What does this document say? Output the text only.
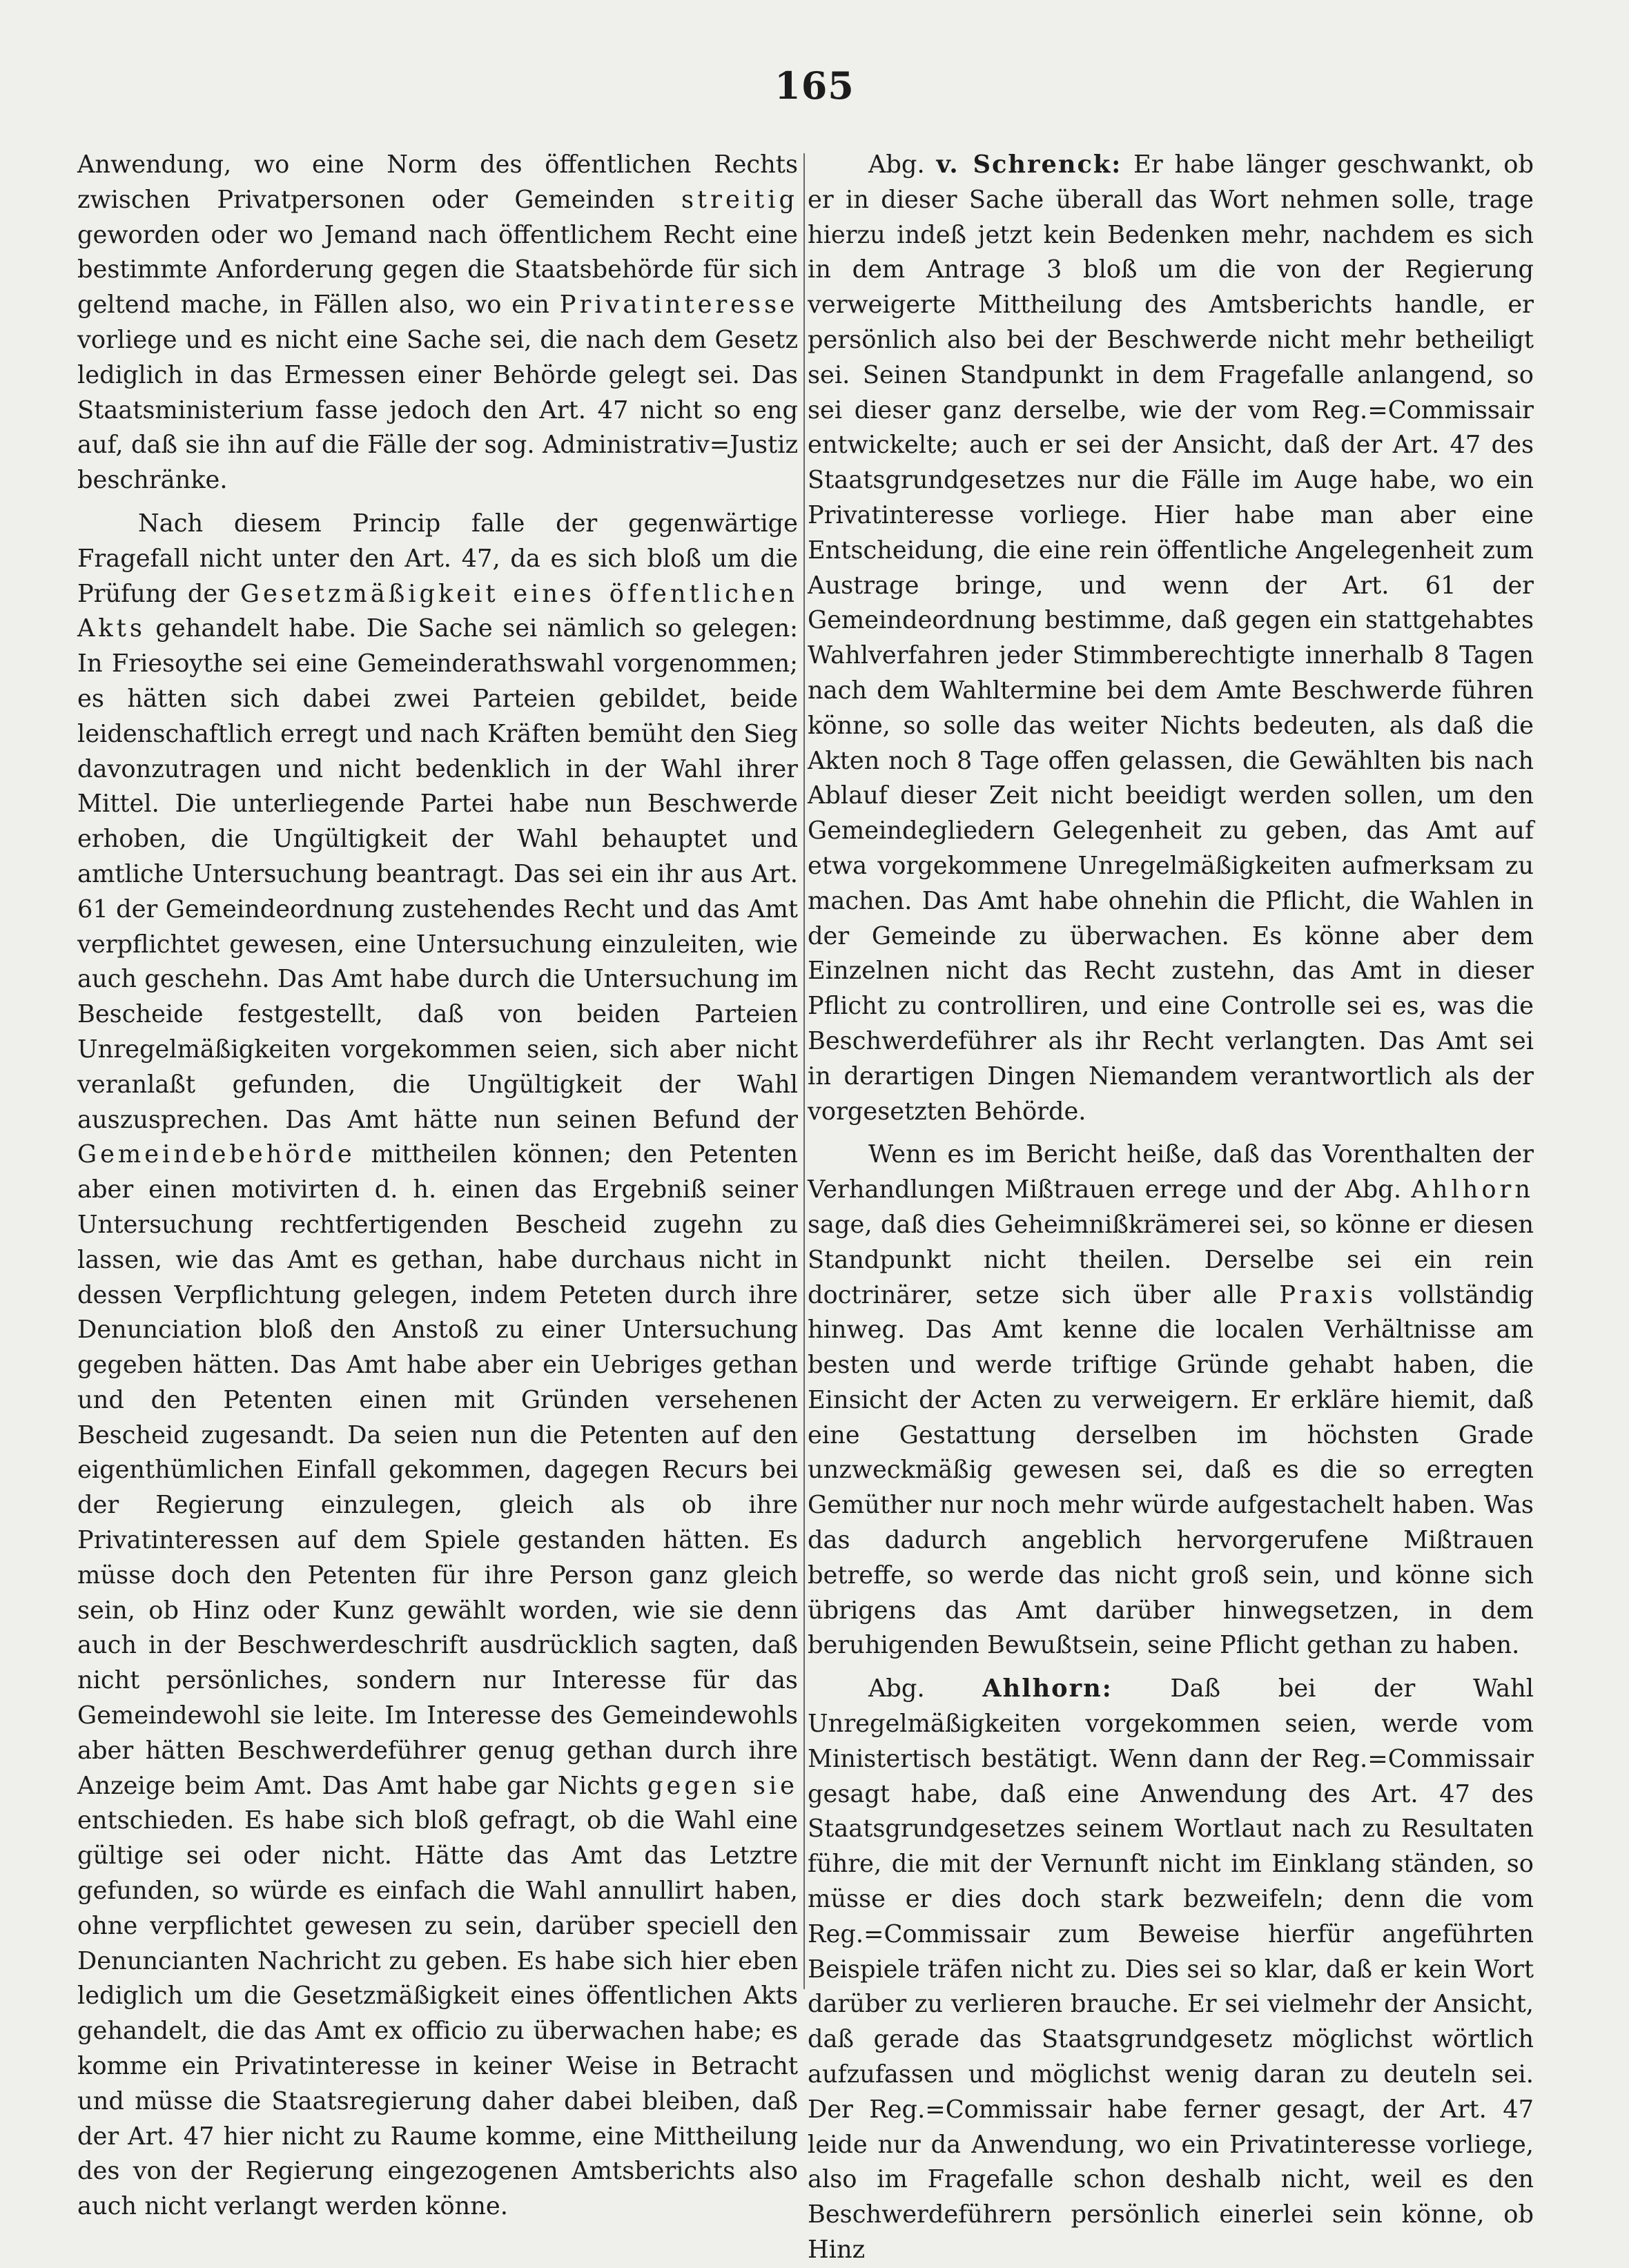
165

Anwendung, wo eine Norm des öffentlichen Rechts zwischen Privatpersonen oder Gemeinden streitig geworden oder wo Jemand nach öffentlichem Recht eine bestimmte Anforderung gegen die Staatsbehörde für sich geltend mache, in Fällen also, wo ein Privatinteresse vorliege und es nicht eine Sache sei, die nach dem Gesetz lediglich in das Ermessen einer Behörde gelegt sei. Das Staatsministerium fasse jedoch den Art. 47 nicht so eng auf, daß sie ihn auf die Fälle der sog. Administrativ=Justiz beschränke.

Nach diesem Princip falle der gegenwärtige Fragefall nicht unter den Art. 47, da es sich bloß um die Prüfung der Gesetzmäßigkeit eines öffentlichen Akts gehandelt habe. Die Sache sei nämlich so gelegen: In Friesoythe sei eine Gemeinderathswahl vorgenommen; es hätten sich dabei zwei Parteien gebildet, beide leidenschaftlich erregt und nach Kräften bemüht den Sieg davonzutragen und nicht bedenklich in der Wahl ihrer Mittel. Die unterliegende Partei habe nun Beschwerde erhoben, die Ungültigkeit der Wahl behauptet und amtliche Untersuchung beantragt. Das sei ein ihr aus Art. 61 der Gemeindeordnung zustehendes Recht und das Amt verpflichtet gewesen, eine Untersuchung einzuleiten, wie auch geschehn. Das Amt habe durch die Untersuchung im Bescheide festgestellt, daß von beiden Parteien Unregelmäßigkeiten vorgekommen seien, sich aber nicht veranlaßt gefunden, die Ungültigkeit der Wahl auszusprechen. Das Amt hätte nun seinen Befund der Gemeindebehörde mittheilen können; den Petenten aber einen motivirten d. h. einen das Ergebniß seiner Untersuchung rechtfertigenden Bescheid zugehn zu lassen, wie das Amt es gethan, habe durchaus nicht in dessen Verpflichtung gelegen, indem Peteten durch ihre Denunciation bloß den Anstoß zu einer Untersuchung gegeben hätten. Das Amt habe aber ein Uebriges gethan und den Petenten einen mit Gründen versehenen Bescheid zugesandt. Da seien nun die Petenten auf den eigenthümlichen Einfall gekommen, dagegen Recurs bei der Regierung einzulegen, gleich als ob ihre Privatinteressen auf dem Spiele gestanden hätten. Es müsse doch den Petenten für ihre Person ganz gleich sein, ob Hinz oder Kunz gewählt worden, wie sie denn auch in der Beschwerdeschrift ausdrücklich sagten, daß nicht persönliches, sondern nur Interesse für das Gemeindewohl sie leite. Im Interesse des Gemeindewohls aber hätten Beschwerdeführer genug gethan durch ihre Anzeige beim Amt. Das Amt habe gar Nichts gegen sie entschieden. Es habe sich bloß gefragt, ob die Wahl eine gültige sei oder nicht. Hätte das Amt das Letztre gefunden, so würde es einfach die Wahl annullirt haben, ohne verpflichtet gewesen zu sein, darüber speciell den Denuncianten Nachricht zu geben. Es habe sich hier eben lediglich um die Gesetzmäßigkeit eines öffentlichen Akts gehandelt, die das Amt ex officio zu überwachen habe; es komme ein Privatinteresse in keiner Weise in Betracht und müsse die Staatsregierung daher dabei bleiben, daß der Art. 47 hier nicht zu Raume komme, eine Mittheilung des von der Regierung eingezogenen Amtsberichts also auch nicht verlangt werden könne.

Abg. v. Schrenck: Er habe länger geschwankt, ob er in dieser Sache überall das Wort nehmen solle, trage hierzu indeß jetzt kein Bedenken mehr, nachdem es sich in dem Antrage 3 bloß um die von der Regierung verweigerte Mittheilung des Amtsberichts handle, er persönlich also bei der Beschwerde nicht mehr betheiligt sei. Seinen Standpunkt in dem Fragefalle anlangend, so sei dieser ganz derselbe, wie der vom Reg.=Commissair entwickelte; auch er sei der Ansicht, daß der Art. 47 des Staatsgrundgesetzes nur die Fälle im Auge habe, wo ein Privatinteresse vorliege. Hier habe man aber eine Entscheidung, die eine rein öffentliche Angelegenheit zum Austrage bringe, und wenn der Art. 61 der Gemeindeordnung bestimme, daß gegen ein stattgehabtes Wahlverfahren jeder Stimmberechtigte innerhalb 8 Tagen nach dem Wahltermine bei dem Amte Beschwerde führen könne, so solle das weiter Nichts bedeuten, als daß die Akten noch 8 Tage offen gelassen, die Gewählten bis nach Ablauf dieser Zeit nicht beeidigt werden sollen, um den Gemeindegliedern Gelegenheit zu geben, das Amt auf etwa vorgekommene Unregelmäßigkeiten aufmerksam zu machen. Das Amt habe ohnehin die Pflicht, die Wahlen in der Gemeinde zu überwachen. Es könne aber dem Einzelnen nicht das Recht zustehn, das Amt in dieser Pflicht zu controlliren, und eine Controlle sei es, was die Beschwerdeführer als ihr Recht verlangten. Das Amt sei in derartigen Dingen Niemandem verantwortlich als der vorgesetzten Behörde.

Wenn es im Bericht heiße, daß das Vorenthalten der Verhandlungen Mißtrauen errege und der Abg. Ahlhorn sage, daß dies Geheimnißkrämerei sei, so könne er diesen Standpunkt nicht theilen. Derselbe sei ein rein doctrinärer, setze sich über alle Praxis vollständig hinweg. Das Amt kenne die localen Verhältnisse am besten und werde triftige Gründe gehabt haben, die Einsicht der Acten zu verweigern. Er erkläre hiemit, daß eine Gestattung derselben im höchsten Grade unzweckmäßig gewesen sei, daß es die so erregten Gemüther nur noch mehr würde aufgestachelt haben. Was das dadurch angeblich hervorgerufene Mißtrauen betreffe, so werde das nicht groß sein, und könne sich übrigens das Amt darüber hinwegsetzen, in dem beruhigenden Bewußtsein, seine Pflicht gethan zu haben.

Abg. Ahlhorn: Daß bei der Wahl Unregelmäßigkeiten vorgekommen seien, werde vom Ministertisch bestätigt. Wenn dann der Reg.=Commissair gesagt habe, daß eine Anwendung des Art. 47 des Staatsgrundgesetzes seinem Wortlaut nach zu Resultaten führe, die mit der Vernunft nicht im Einklang ständen, so müsse er dies doch stark bezweifeln; denn die vom Reg.=Commissair zum Beweise hierfür angeführten Beispiele träfen nicht zu. Dies sei so klar, daß er kein Wort darüber zu verlieren brauche. Er sei vielmehr der Ansicht, daß gerade das Staatsgrundgesetz möglichst wörtlich aufzufassen und möglichst wenig daran zu deuteln sei. Der Reg.=Commissair habe ferner gesagt, der Art. 47 leide nur da Anwendung, wo ein Privatinteresse vorliege, also im Fragefalle schon deshalb nicht, weil es den Beschwerdeführern persönlich einerlei sein könne, ob Hinz
